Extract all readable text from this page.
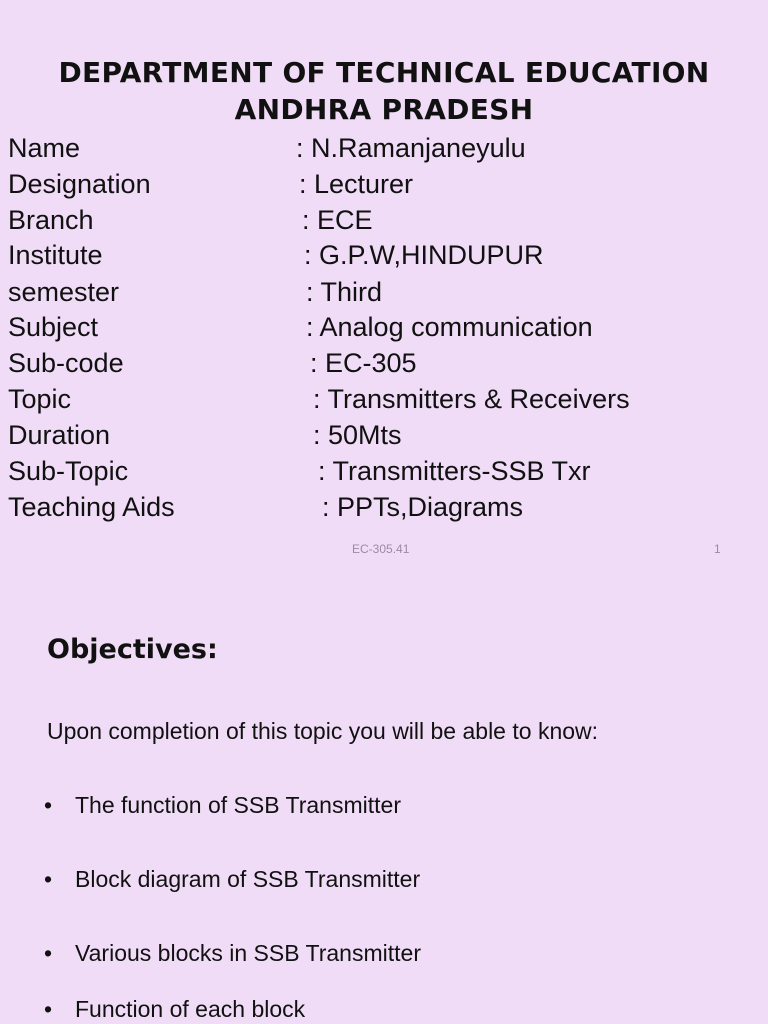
DEPARTMENT OF TECHNICAL EDUCATION
ANDHRA PRADESH
Name	: N.Ramanjaneyulu
Designation	: Lecturer
Branch	: ECE
Institute	: G.P.W,HINDUPUR
semester	: Third
Subject	: Analog communication
Sub-code	: EC-305
Topic	: Transmitters & Receivers
Duration	: 50Mts
Sub-Topic	: Transmitters-SSB Txr
Teaching Aids	: PPTs,Diagrams
EC-305.41	1
Objectives:
Upon completion of this topic you will be able to know:
• The function of SSB Transmitter
• Block diagram of SSB Transmitter
• Various blocks in SSB Transmitter
• Function of each block
